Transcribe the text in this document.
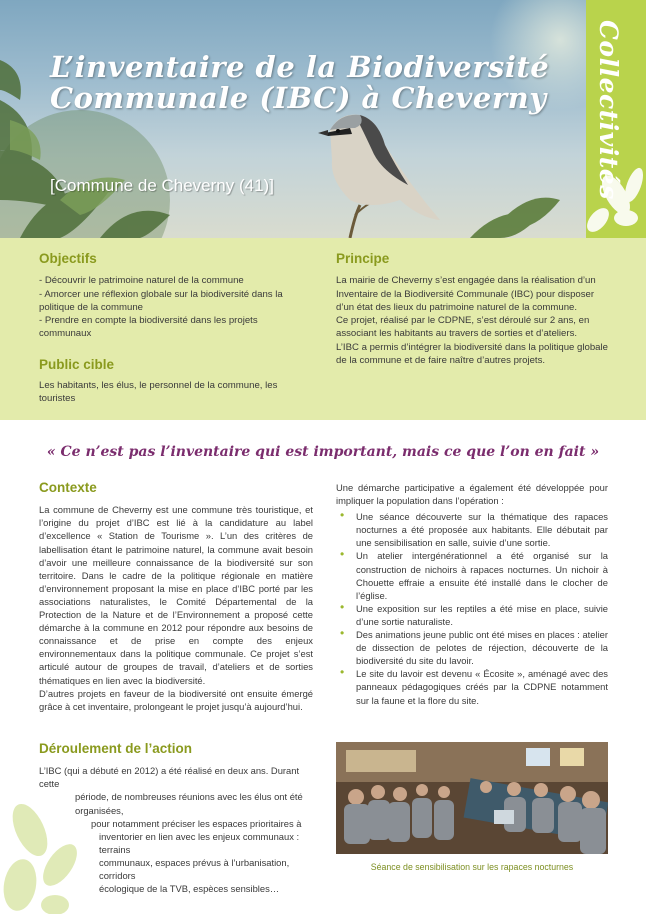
L’inventaire de la Biodiversité
Communale (IBC) à Cheverny
[Commune de Cheverny (41)]	Collectivités
Objectifs
- Découvrir le patrimoine naturel de la commune
- Amorcer une réflexion globale sur la biodiversité dans la politique de la commune
- Prendre en compte la biodiversité dans les projets communaux
Public cible
Les habitants, les élus, le personnel de la commune, les touristes
Principe
La mairie de Cheverny s’est engagée dans la réalisation d’un Inventaire de la Biodiversité Communale (IBC) pour disposer d’un état des lieux du patrimoine naturel de la commune.
Ce projet, réalisé par le CDPNE, s’est déroulé sur 2 ans, en associant les habitants au travers de sorties et d’ateliers.
L’IBC a permis d’intégrer la biodiversité dans la politique globale de la commune et de faire naître d’autres projets.
« Ce n’est pas l’inventaire qui est important, mais ce que l’on en fait »
Contexte
La commune de Cheverny est une commune très touristique, et l’origine du projet d’IBC est lié à la candidature au label d’excellence « Station de Tourisme ». L’un des critères de labellisation étant le patrimoine naturel, la commune avait besoin d’avoir une meilleure connaissance de la biodiversité sur son territoire. Dans le cadre de la politique régionale en matière d’environnement proposant la mise en place d’IBC porté par les associations naturalistes, le Comité Départemental de la Protection de la Nature et de l’Environnement a proposé cette démarche à la commune en 2012 pour répondre aux besoins de connaissance et de prise en compte des enjeux environnementaux dans la politique communale. Ce projet s’est articulé autour de groupes de travail, d’ateliers et de sorties thématiques en lien avec la biodiversité.
D’autres projets en faveur de la biodiversité ont ensuite émergé grâce à cet inventaire, prolongeant le projet jusqu’à aujourd’hui.
Déroulement de l’action
L’IBC (qui a débuté en 2012) a été réalisé en deux ans. Durant cette
période, de nombreuses réunions avec les élus ont été organisées,
pour notamment préciser les espaces prioritaires à
inventorier en lien avec les enjeux communaux : terrains
communaux, espaces prévus à l’urbanisation, corridors
écologique de la TVB, espèces sensibles…
Une démarche participative a également été développée pour impliquer la population dans l’opération :
• Une séance découverte sur la thématique des rapaces nocturnes a été proposée aux habitants. Elle débutait par une sensibilisation en salle, suivie d’une sortie.
• Un atelier intergénérationnel a été organisé sur la construction de nichoirs à rapaces nocturnes. Un nichoir à Chouette effraie a ensuite été installé dans le clocher de l’église.
• Une exposition sur les reptiles a été mise en place, suivie d’une sortie naturaliste.
• Des animations jeune public ont été mises en places : atelier de dissection de pelotes de réjection, découverte de la biodiversité du site du lavoir.
• Le site du lavoir est devenu « Écosite », aménagé avec des panneaux pédagogiques créés par la CDPNE notamment sur la faune et la flore du site.
Séance de sensibilisation sur les rapaces nocturnes
